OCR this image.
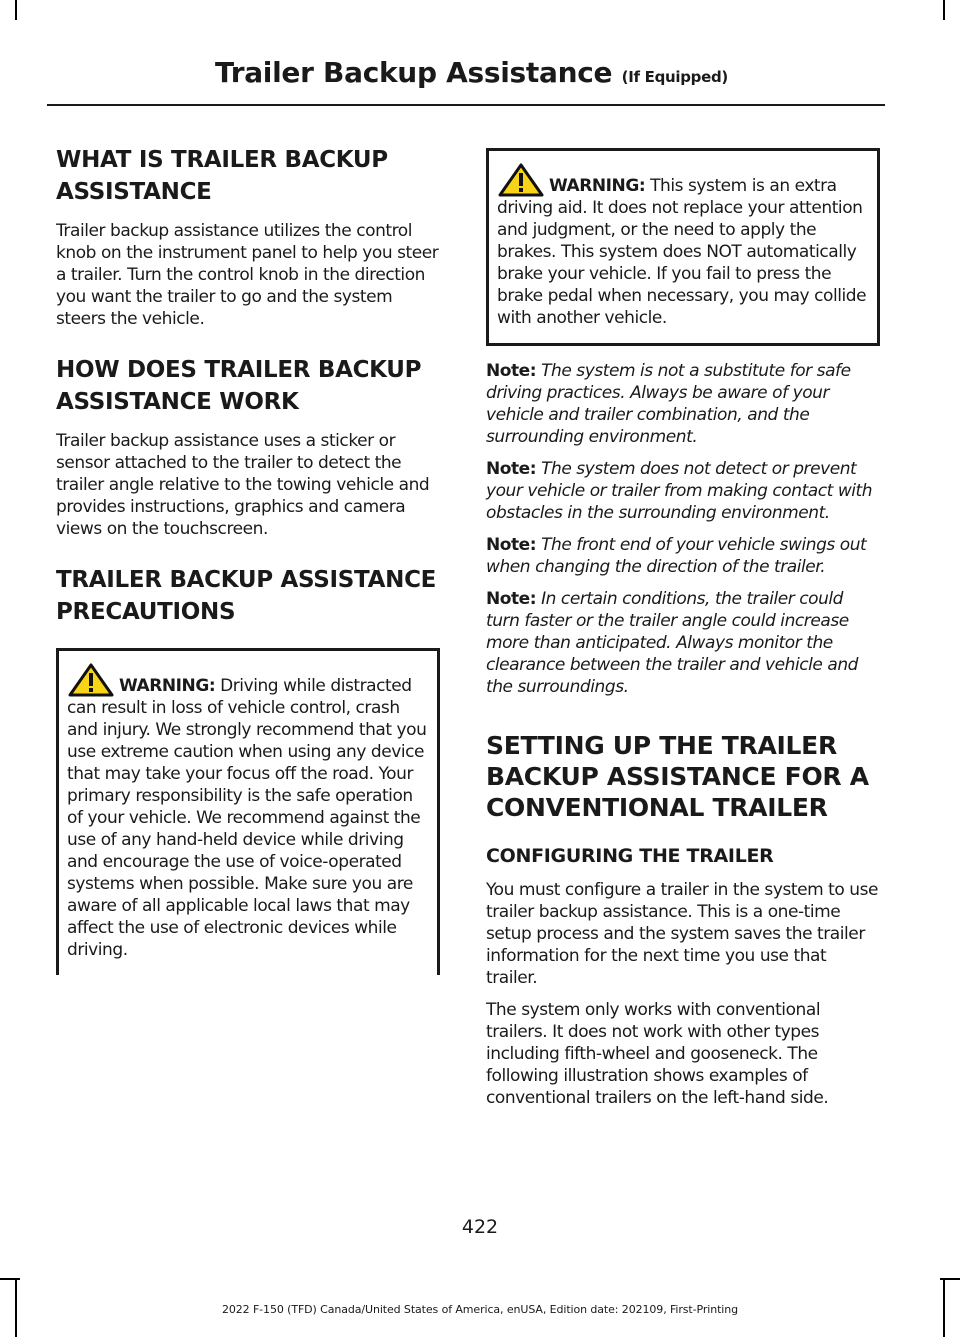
Trailer Backup Assistance (If Equipped)
WHAT IS TRAILER BACKUP ASSISTANCE

Trailer backup assistance utilizes the control knob on the instrument panel to help you steer a trailer. Turn the control knob in the direction you want the trailer to go and the system steers the vehicle.

HOW DOES TRAILER BACKUP ASSISTANCE WORK

Trailer backup assistance uses a sticker or sensor attached to the trailer to detect the trailer angle relative to the towing vehicle and provides instructions, graphics and camera views on the touchscreen.

TRAILER BACKUP ASSISTANCE PRECAUTIONS

WARNING: Driving while distracted can result in loss of vehicle control, crash and injury. We strongly recommend that you use extreme caution when using any device that may take your focus off the road. Your primary responsibility is the safe operation of your vehicle. We recommend against the use of any hand-held device while driving and encourage the use of voice-operated systems when possible. Make sure you are aware of all applicable local laws that may affect the use of electronic devices while driving.

WARNING: This system is an extra driving aid. It does not replace your attention and judgment, or the need to apply the brakes. This system does NOT automatically brake your vehicle. If you fail to press the brake pedal when necessary, you may collide with another vehicle.

Note: The system is not a substitute for safe driving practices. Always be aware of your vehicle and trailer combination, and the surrounding environment.

Note: The system does not detect or prevent your vehicle or trailer from making contact with obstacles in the surrounding environment.

Note: The front end of your vehicle swings out when changing the direction of the trailer.

Note: In certain conditions, the trailer could turn faster or the trailer angle could increase more than anticipated. Always monitor the clearance between the trailer and vehicle and the surroundings.

SETTING UP THE TRAILER BACKUP ASSISTANCE FOR A CONVENTIONAL TRAILER
CONFIGURING THE TRAILER

You must configure a trailer in the system to use trailer backup assistance. This is a one-time setup process and the system saves the trailer information for the next time you use that trailer.

The system only works with conventional trailers. It does not work with other types including fifth-wheel and gooseneck. The following illustration shows examples of conventional trailers on the left-hand side.

422
2022 F-150 (TFD) Canada/United States of America, enUSA, Edition date: 202109, First-Printing
